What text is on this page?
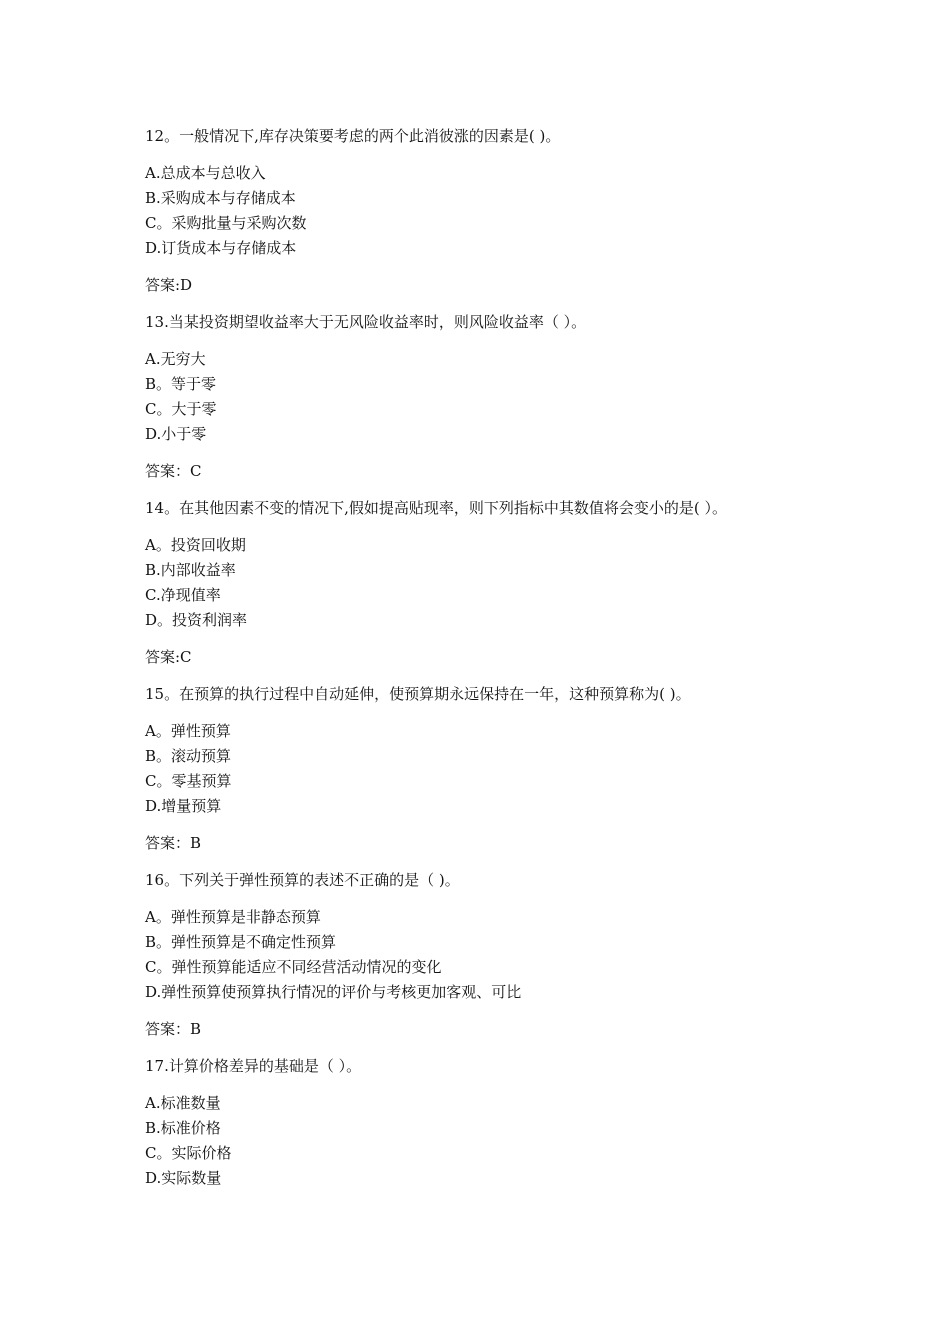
12。一般情况下,库存决策要考虑的两个此消彼涨的因素是( )。
A.总成本与总收入
B.采购成本与存储成本
C。采购批量与采购次数
D.订货成本与存储成本
答案:D
13.当某投资期望收益率大于无风险收益率时，则风险收益率（ ）。
A.无穷大
B。等于零
C。大于零
D.小于零
答案：C
14。在其他因素不变的情况下,假如提高贴现率，则下列指标中其数值将会变小的是( ）。
A。投资回收期
B.内部收益率
C.净现值率
D。投资利润率
答案:C
15。在预算的执行过程中自动延伸，使预算期永远保持在一年，这种预算称为( )。
A。弹性预算
B。滚动预算
C。零基预算
D.增量预算
答案：B
16。下列关于弹性预算的表述不正确的是（ )。
A。弹性预算是非静态预算
B。弹性预算是不确定性预算
C。弹性预算能适应不同经营活动情况的变化
D.弹性预算使预算执行情况的评价与考核更加客观、可比
答案：B
17.计算价格差异的基础是（ ）。
A.标准数量
B.标准价格
C。实际价格
D.实际数量
